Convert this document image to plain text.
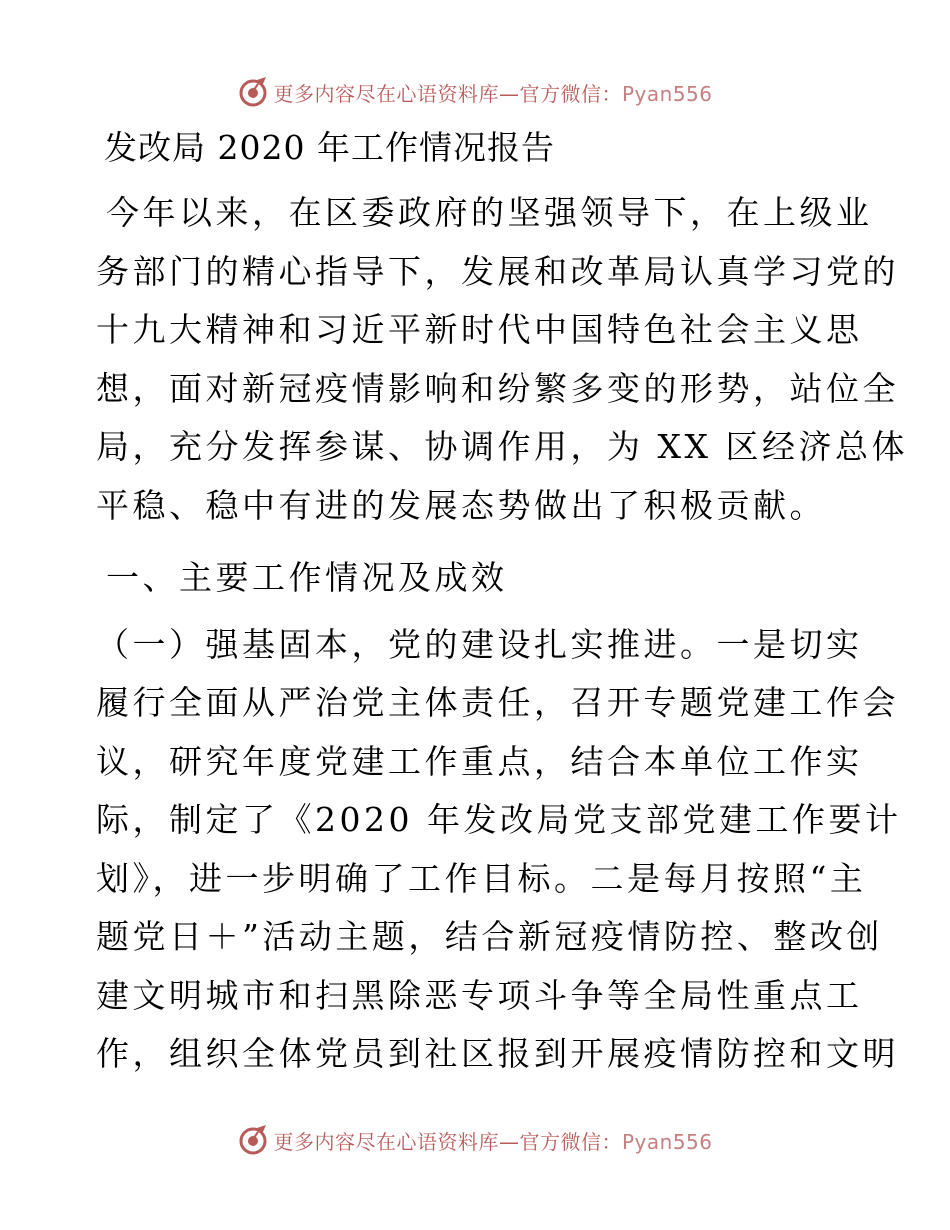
更多内容尽在心语资料库—官方微信：Pyan556
发改局 2020 年工作情况报告
今年以来，在区委政府的坚强领导下，在上级业
务部门的精心指导下，发展和改革局认真学习党的
十九大精神和习近平新时代中国特色社会主义思
想，面对新冠疫情影响和纷繁多变的形势，站位全
局，充分发挥参谋、协调作用，为 XX 区经济总体
平稳、稳中有进的发展态势做出了积极贡献。
一、主要工作情况及成效
（一）强基固本，党的建设扎实推进。一是切实
履行全面从严治党主体责任，召开专题党建工作会
议，研究年度党建工作重点，结合本单位工作实
际，制定了《2020 年发改局党支部党建工作要计
划》，进一步明确了工作目标。二是每月按照“主
题党日＋”活动主题，结合新冠疫情防控、整改创
建文明城市和扫黑除恶专项斗争等全局性重点工
作，组织全体党员到社区报到开展疫情防控和文明
更多内容尽在心语资料库—官方微信：Pyan556
